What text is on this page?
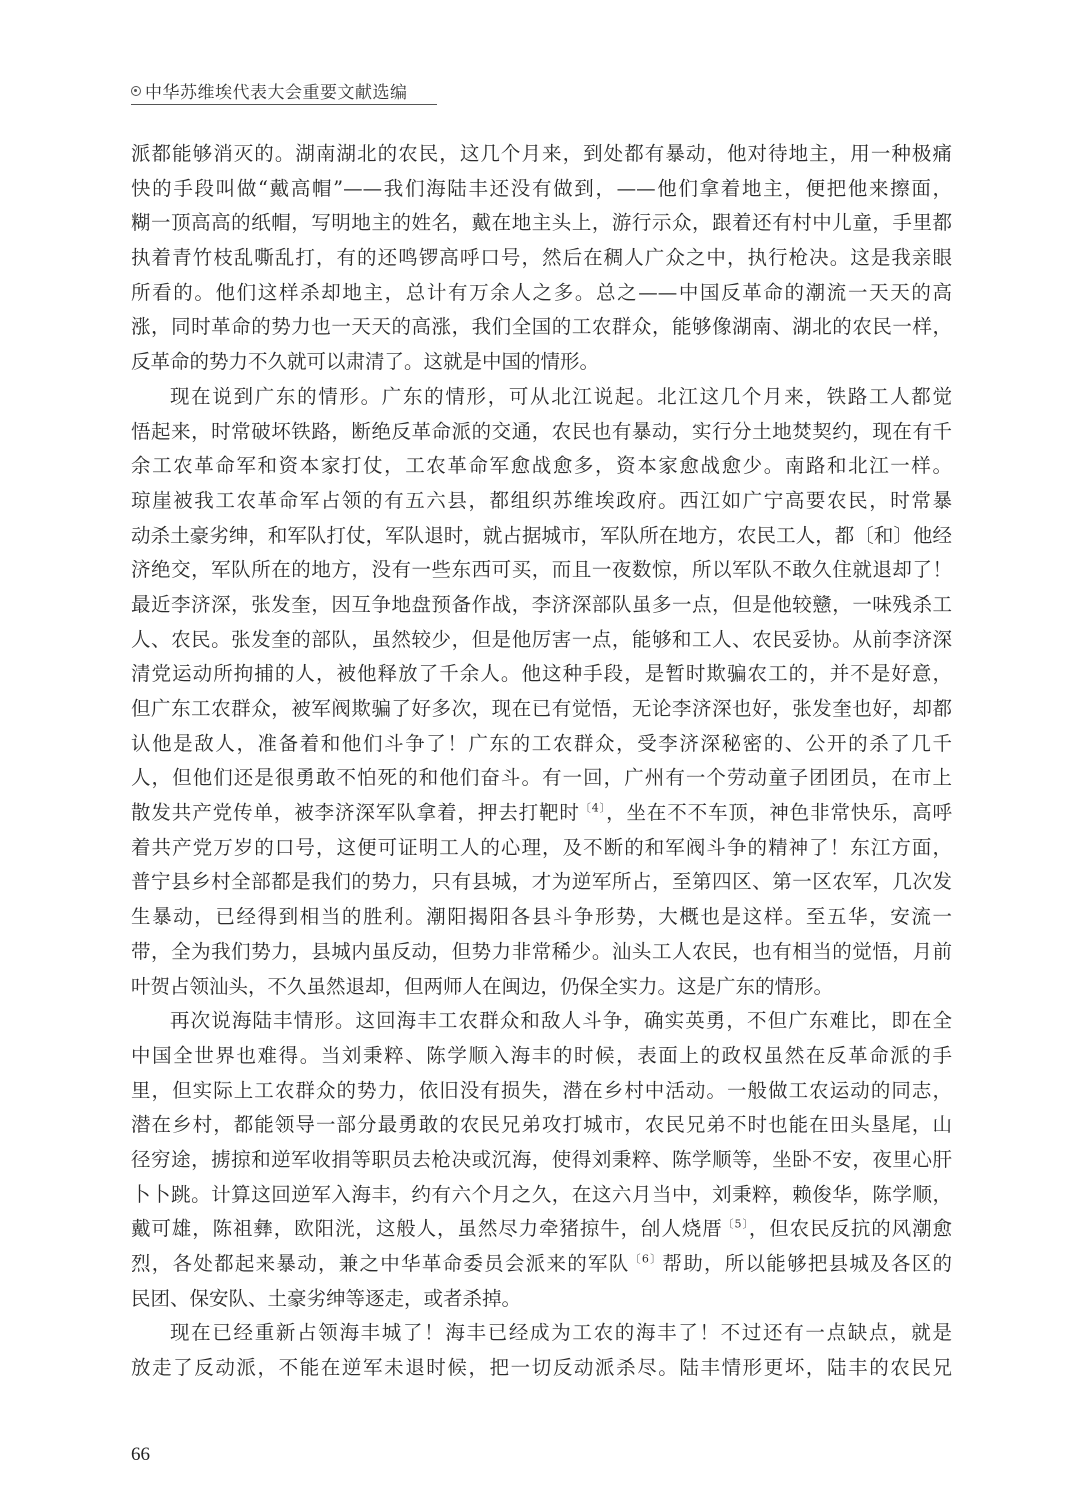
中华苏维埃代表大会重要文献选编
派都能够消灭的。湖南湖北的农民，这几个月来，到处都有暴动，他对待地主，用一种极痛
快的手段叫做“戴高帽”——我们海陆丰还没有做到，——他们拿着地主，便把他来擦面，
糊一顶高高的纸帽，写明地主的姓名，戴在地主头上，游行示众，跟着还有村中儿童，手里都
执着青竹枝乱嘶乱打，有的还鸣锣高呼口号，然后在稠人广众之中，执行枪决。这是我亲眼
所看的。他们这样杀却地主，总计有万余人之多。总之——中国反革命的潮流一天天的高
涨，同时革命的势力也一天天的高涨，我们全国的工农群众，能够像湖南、湖北的农民一样，
反革命的势力不久就可以肃清了。这就是中国的情形。
现在说到广东的情形。广东的情形，可从北江说起。北江这几个月来，铁路工人都觉
悟起来，时常破坏铁路，断绝反革命派的交通，农民也有暴动，实行分土地焚契约，现在有千
余工农革命军和资本家打仗，工农革命军愈战愈多，资本家愈战愈少。南路和北江一样。
琼崖被我工农革命军占领的有五六县，都组织苏维埃政府。西江如广宁高要农民，时常暴
动杀土豪劣绅，和军队打仗，军队退时，就占据城市，军队所在地方，农民工人，都〔和〕他经
济绝交，军队所在的地方，没有一些东西可买，而且一夜数惊，所以军队不敢久住就退却了！
最近李济深，张发奎，因互争地盘预备作战，李济深部队虽多一点，但是他较戆，一味残杀工
人、农民。张发奎的部队，虽然较少，但是他厉害一点，能够和工人、农民妥协。从前李济深
清党运动所拘捕的人，被他释放了千余人。他这种手段，是暂时欺骗农工的，并不是好意，
但广东工农群众，被军阀欺骗了好多次，现在已有觉悟，无论李济深也好，张发奎也好，却都
认他是敌人，准备着和他们斗争了！广东的工农群众，受李济深秘密的、公开的杀了几千
人，但他们还是很勇敢不怕死的和他们奋斗。有一回，广州有一个劳动童子团团员，在市上
散发共产党传单，被李济深军队拿着，押去打靶时$^{〔4〕}$，坐在不不车顶，神色非常快乐，高呼
着共产党万岁的口号，这便可证明工人的心理，及不断的和军阀斗争的精神了！东江方面，
普宁县乡村全部都是我们的势力，只有县城，才为逆军所占，至第四区、第一区农军，几次发
生暴动，已经得到相当的胜利。潮阳揭阳各县斗争形势，大概也是这样。至五华，安流一
带，全为我们势力，县城内虽反动，但势力非常稀少。汕头工人农民，也有相当的觉悟，月前
叶贺占领汕头，不久虽然退却，但两师人在闽边，仍保全实力。这是广东的情形。
再次说海陆丰情形。这回海丰工农群众和敌人斗争，确实英勇，不但广东难比，即在全
中国全世界也难得。当刘秉粹、陈学顺入海丰的时候，表面上的政权虽然在反革命派的手
里，但实际上工农群众的势力，依旧没有损失，潜在乡村中活动。一般做工农运动的同志，
潜在乡村，都能领导一部分最勇敢的农民兄弟攻打城市，农民兄弟不时也能在田头垦尾，山
径穷途，掳掠和逆军收捐等职员去枪决或沉海，使得刘秉粹、陈学顺等，坐卧不安，夜里心肝
卜卜跳。计算这回逆军入海丰，约有六个月之久，在这六月当中，刘秉粹，赖俊华，陈学顺，
戴可雄，陈祖彝，欧阳洸，这般人，虽然尽力牵猪掠牛，刣人烧厝$^{〔5〕}$，但农民反抗的风潮愈
烈，各处都起来暴动，兼之中华革命委员会派来的军队$^{〔6〕}$帮助，所以能够把县城及各区的
民团、保安队、土豪劣绅等逐走，或者杀掉。
现在已经重新占领海丰城了！海丰已经成为工农的海丰了！不过还有一点缺点，就是
放走了反动派，不能在逆军未退时候，把一切反动派杀尽。陆丰情形更坏，陆丰的农民兄
66
